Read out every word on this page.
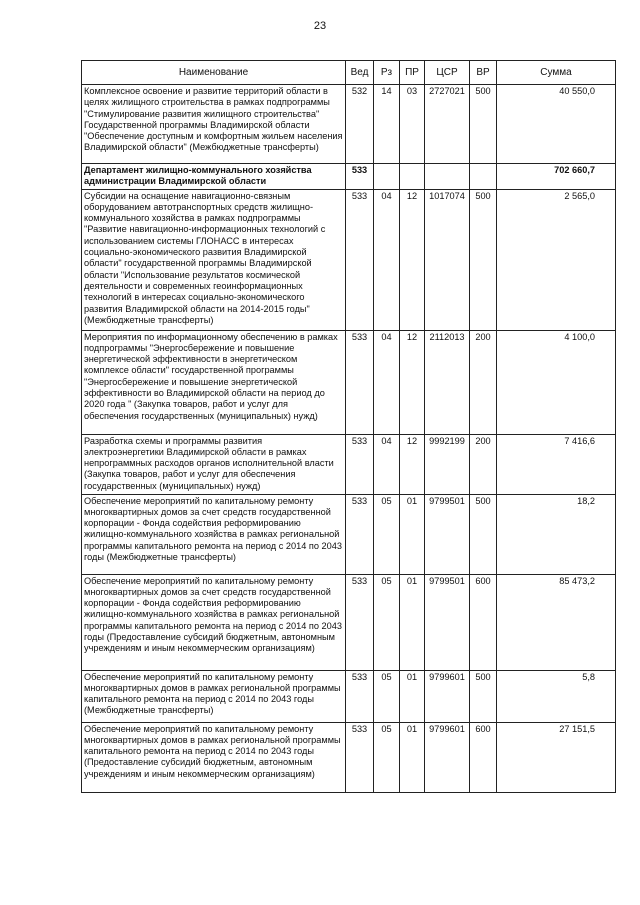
23
Наименование	Вед	Рз	ПР	ЦСР	ВР	Сумма
Комплексное освоение и развитие территорий области в целях жилищного строительства в рамках подпрограммы "Стимулирование развития жилищного строительства" Государственной программы Владимирской области "Обеспечение доступным и комфортным жильем населения Владимирской области" (Межбюджетные трансферты)	532	14	03	2727021	500	40 550,0
Департамент жилищно-коммунального хозяйства администрации Владимирской области	533					702 660,7
Субсидии на оснащение навигационно-связным оборудованием автотранспортных средств жилищно-коммунального хозяйства в рамках подпрограммы "Развитие навигационно-информационных технологий с использованием системы ГЛОНАСС в интересах социально-экономического развития Владимирской области" государственной программы Владимирской области "Использование результатов космической деятельности и современных геоинформационных технологий в интересах социально-экономического развития Владимирской области на 2014-2015 годы" (Межбюджетные трансферты)	533	04	12	1017074	500	2 565,0
Мероприятия по информационному обеспечению в рамках подпрограммы "Энергосбережение и повышение энергетической эффективности в энергетическом комплексе области" государственной программы "Энергосбережение и повышение энергетической эффективности во Владимирской области на период до 2020 года " (Закупка товаров, работ и услуг для обеспечения государственных (муниципальных) нужд)	533	04	12	2112013	200	4 100,0
Разработка схемы и программы развития электроэнергетики Владимирской области в рамках непрограммных расходов органов исполнительной власти (Закупка товаров, работ и услуг для обеспечения государственных (муниципальных) нужд)	533	04	12	9992199	200	7 416,6
Обеспечение мероприятий по капитальному ремонту многоквартирных домов за счет средств государственной корпорации - Фонда содействия реформированию жилищно-коммунального хозяйства в рамках региональной программы капитального ремонта на период с 2014 по 2043 годы (Межбюджетные трансферты)	533	05	01	9799501	500	18,2
Обеспечение мероприятий по капитальному ремонту многоквартирных домов за счет средств государственной корпорации - Фонда содействия реформированию жилищно-коммунального хозяйства в рамках региональной программы капитального ремонта на период с 2014 по 2043 годы (Предоставление субсидий бюджетным, автономным учреждениям и иным некоммерческим организациям)	533	05	01	9799501	600	85 473,2
Обеспечение мероприятий по капитальному ремонту многоквартирных домов в рамках региональной программы капитального ремонта на период с 2014 по 2043 годы (Межбюджетные трансферты)	533	05	01	9799601	500	5,8
Обеспечение мероприятий по капитальному ремонту многоквартирных домов в рамках региональной программы капитального ремонта на период с 2014 по 2043 годы (Предоставление субсидий бюджетным, автономным учреждениям и иным некоммерческим организациям)	533	05	01	9799601	600	27 151,5
